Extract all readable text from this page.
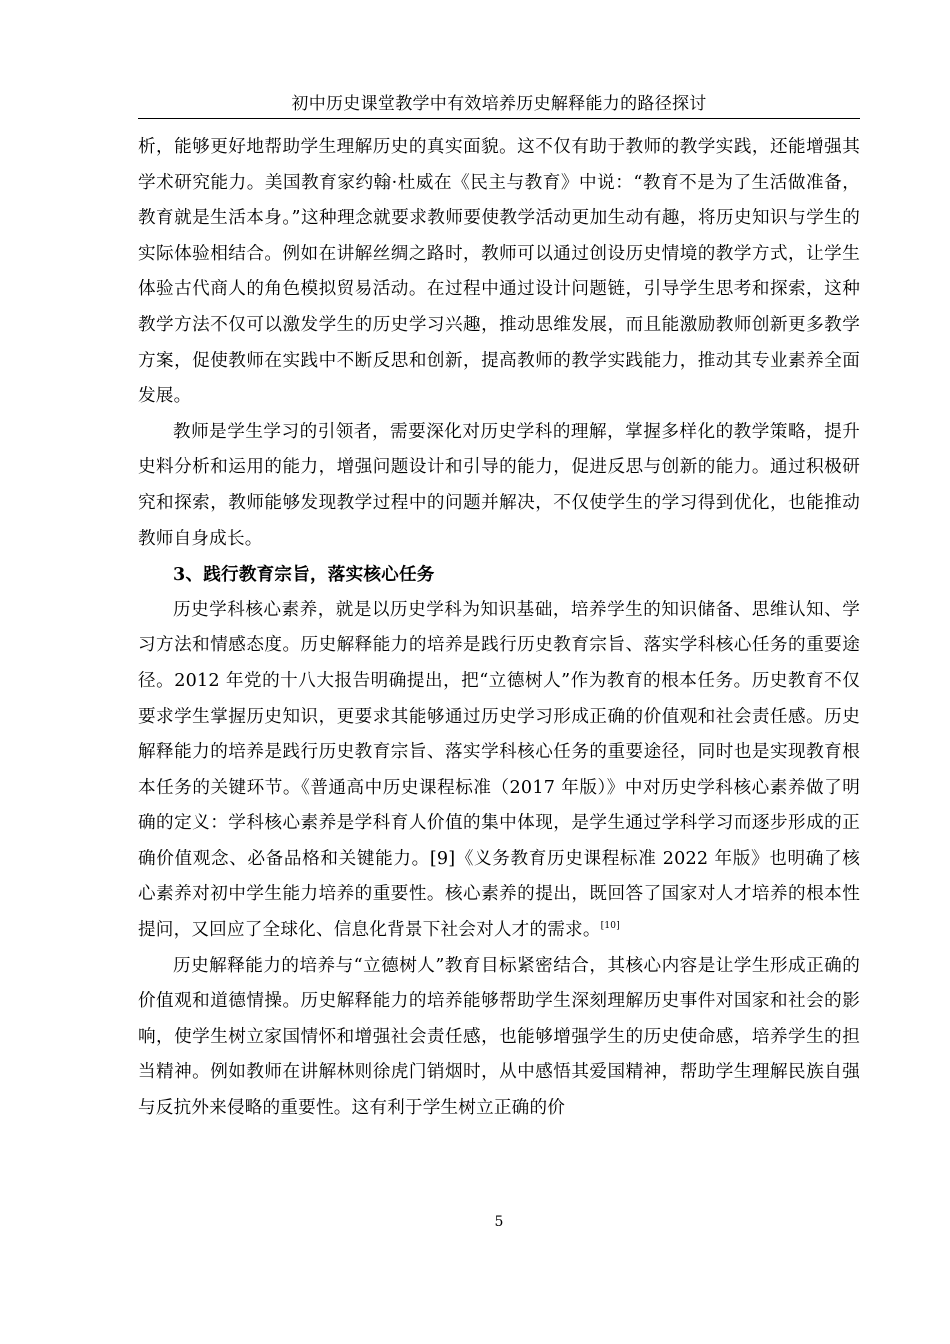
初中历史课堂教学中有效培养历史解释能力的路径探讨

析，能够更好地帮助学生理解历史的真实面貌。这不仅有助于教师的教学实践，还能增强其学术研究能力。美国教育家约翰·杜威在《民主与教育》中说：“教育不是为了生活做准备，教育就是生活本身。”这种理念就要求教师要使教学活动更加生动有趣，将历史知识与学生的实际体验相结合。例如在讲解丝绸之路时，教师可以通过创设历史情境的教学方式，让学生体验古代商人的角色模拟贸易活动。在过程中通过设计问题链，引导学生思考和探索，这种教学方法不仅可以激发学生的历史学习兴趣，推动思维发展，而且能激励教师创新更多教学方案，促使教师在实践中不断反思和创新，提高教师的教学实践能力，推动其专业素养全面发展。

教师是学生学习的引领者，需要深化对历史学科的理解，掌握多样化的教学策略，提升史料分析和运用的能力，增强问题设计和引导的能力，促进反思与创新的能力。通过积极研究和探索，教师能够发现教学过程中的问题并解决，不仅使学生的学习得到优化，也能推动教师自身成长。

3、践行教育宗旨，落实核心任务

历史学科核心素养，就是以历史学科为知识基础，培养学生的知识储备、思维认知、学习方法和情感态度。历史解释能力的培养是践行历史教育宗旨、落实学科核心任务的重要途径。2012 年党的十八大报告明确提出，把“立德树人”作为教育的根本任务。历史教育不仅要求学生掌握历史知识，更要求其能够通过历史学习形成正确的价值观和社会责任感。历史解释能力的培养是践行历史教育宗旨、落实学科核心任务的重要途径，同时也是实现教育根本任务的关键环节。《普通高中历史课程标准（2017 年版）》中对历史学科核心素养做了明确的定义：学科核心素养是学科育人价值的集中体现，是学生通过学科学习而逐步形成的正确价值观念、必备品格和关键能力。[9]《义务教育历史课程标准 2022 年版》也明确了核心素养对初中学生能力培养的重要性。核心素养的提出，既回答了国家对人才培养的根本性提问，又回应了全球化、信息化背景下社会对人才的需求。[10]

历史解释能力的培养与“立德树人”教育目标紧密结合，其核心内容是让学生形成正确的价值观和道德情操。历史解释能力的培养能够帮助学生深刻理解历史事件对国家和社会的影响，使学生树立家国情怀和增强社会责任感，也能够增强学生的历史使命感，培养学生的担当精神。例如教师在讲解林则徐虎门销烟时，从中感悟其爱国精神，帮助学生理解民族自强与反抗外来侵略的重要性。这有利于学生树立正确的价

5
